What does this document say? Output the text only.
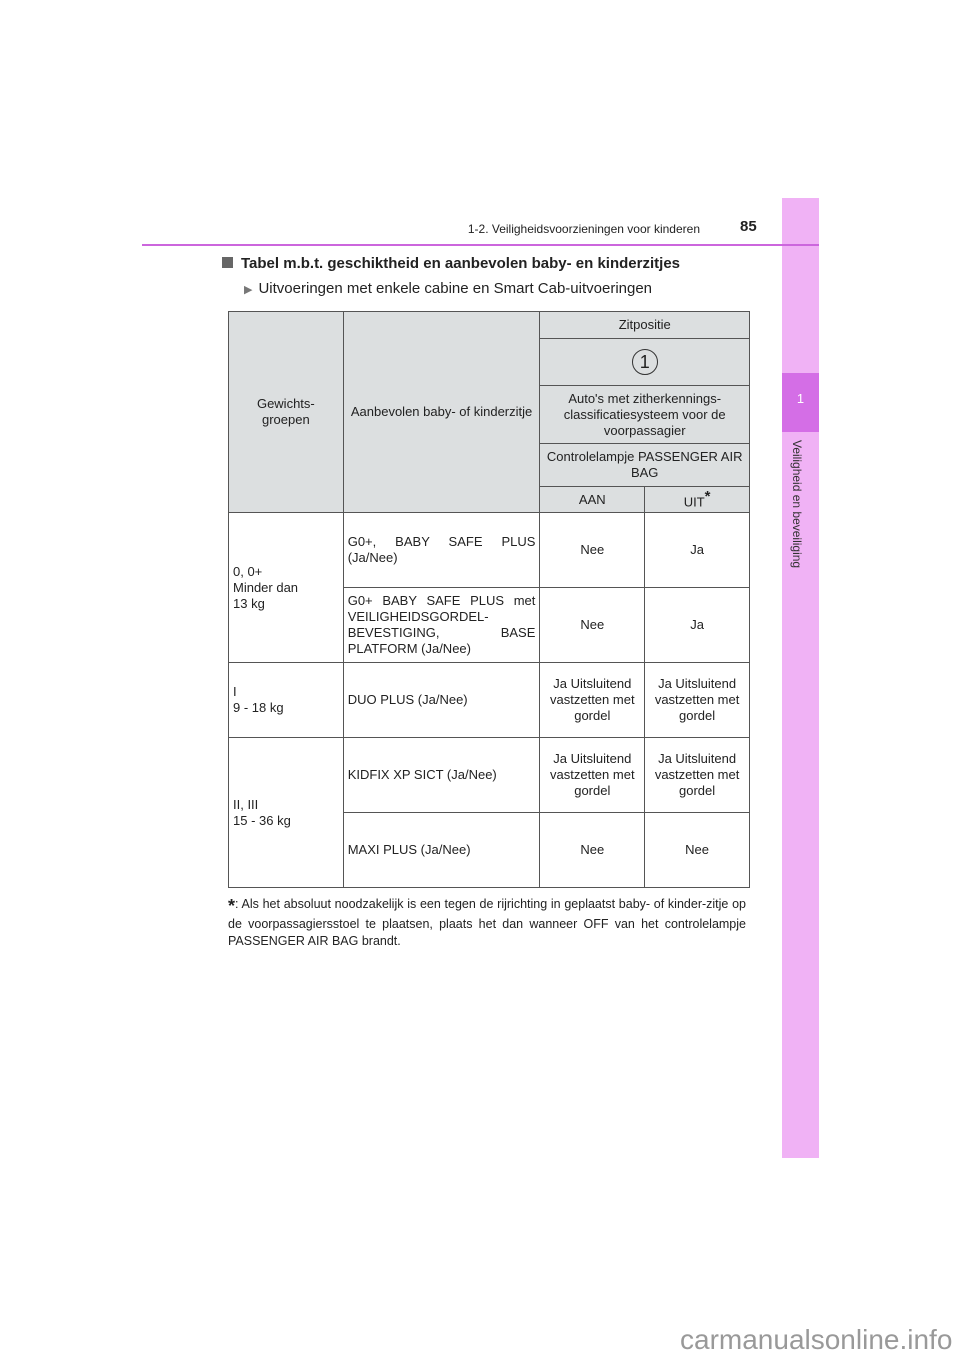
1
Veiligheid en beveiliging
1-2. Veiligheidsvoorzieningen voor kinderen	85
Tabel m.b.t. geschiktheid en aanbevolen baby- en kinderzitjes
▶ Uitvoeringen met enkele cabine en Smart Cab-uitvoeringen
Gewichts- groepen	Aanbevolen baby- of kinderzitje	Zitpositie	
		1	
		Auto's met zitherkennings- classificatiesysteem voor de voorpassagier	
		Controlelampje PASSENGER AIR BAG	
		AAN	UIT*

0, 0+
Minder dan
13 kg	G0+, BABY SAFE PLUS (Ja/Nee)	Nee	Ja
	G0+ BABY SAFE PLUS met VEILIGHEIDSGORDEL-BEVESTIGING, BASE PLATFORM (Ja/Nee)	Nee	Ja

I
9 - 18 kg	DUO PLUS (Ja/Nee)	Ja Uitsluitend vastzetten met gordel	Ja Uitsluitend vastzetten met gordel

II, III
15 - 36 kg	KIDFIX XP SICT (Ja/Nee)	Ja Uitsluitend vastzetten met gordel	Ja Uitsluitend vastzetten met gordel
	MAXI PLUS (Ja/Nee)	Nee	Nee
*: Als het absoluut noodzakelijk is een tegen de rijrichting in geplaatst baby- of kinder-zitje op de voorpassagiersstoel te plaatsen, plaats het dan wanneer OFF van het controlelampje PASSENGER AIR BAG brandt.
carmanualsonline.info
